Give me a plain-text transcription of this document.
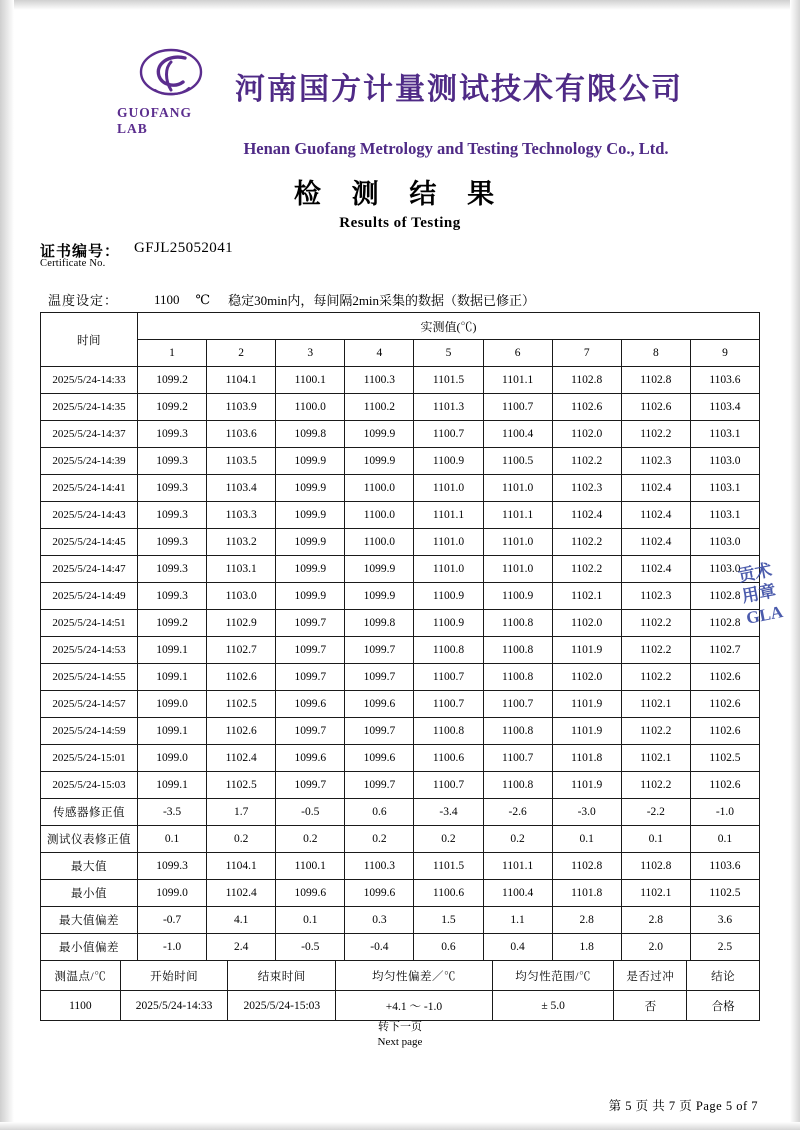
GUOFANG LAB
河南国方计量测试技术有限公司
Henan Guofang Metrology and Testing Technology Co., Ltd.
检 测 结 果
Results of Testing
证书编号：
Certificate No.
GFJL25052041
温度设定：	1100 ℃ 稳定30min内，每间隔2min采集的数据（数据已修正）
时间	实测值(℃)								
	1	2	3	4	5	6	7	8	9
2025/5/24-14:33	1099.2	1104.1	1100.1	1100.3	1101.5	1101.1	1102.8	1102.8	1103.6
2025/5/24-14:35	1099.2	1103.9	1100.0	1100.2	1101.3	1100.7	1102.6	1102.6	1103.4
2025/5/24-14:37	1099.3	1103.6	1099.8	1099.9	1100.7	1100.4	1102.0	1102.2	1103.1
2025/5/24-14:39	1099.3	1103.5	1099.9	1099.9	1100.9	1100.5	1102.2	1102.3	1103.0
2025/5/24-14:41	1099.3	1103.4	1099.9	1100.0	1101.0	1101.0	1102.3	1102.4	1103.1
2025/5/24-14:43	1099.3	1103.3	1099.9	1100.0	1101.1	1101.1	1102.4	1102.4	1103.1
2025/5/24-14:45	1099.3	1103.2	1099.9	1100.0	1101.0	1101.0	1102.2	1102.4	1103.0
2025/5/24-14:47	1099.3	1103.1	1099.9	1099.9	1101.0	1101.0	1102.2	1102.4	1103.0
2025/5/24-14:49	1099.3	1103.0	1099.9	1099.9	1100.9	1100.9	1102.1	1102.3	1102.8
2025/5/24-14:51	1099.2	1102.9	1099.7	1099.8	1100.9	1100.8	1102.0	1102.2	1102.8
2025/5/24-14:53	1099.1	1102.7	1099.7	1099.7	1100.8	1100.8	1101.9	1102.2	1102.7
2025/5/24-14:55	1099.1	1102.6	1099.7	1099.7	1100.7	1100.8	1102.0	1102.2	1102.6
2025/5/24-14:57	1099.0	1102.5	1099.6	1099.6	1100.7	1100.7	1101.9	1102.1	1102.6
2025/5/24-14:59	1099.1	1102.6	1099.7	1099.7	1100.8	1100.8	1101.9	1102.2	1102.6
2025/5/24-15:01	1099.0	1102.4	1099.6	1099.6	1100.6	1100.7	1101.8	1102.1	1102.5
2025/5/24-15:03	1099.1	1102.5	1099.7	1099.7	1100.7	1100.8	1101.9	1102.2	1102.6
传感器修正值	-3.5	1.7	-0.5	0.6	-3.4	-2.6	-3.0	-2.2	-1.0
测试仪表修正值	0.1	0.2	0.2	0.2	0.2	0.2	0.1	0.1	0.1
最大值	1099.3	1104.1	1100.1	1100.3	1101.5	1101.1	1102.8	1102.8	1103.6
最小值	1099.0	1102.4	1099.6	1099.6	1100.6	1100.4	1101.8	1102.1	1102.5
最大值偏差	-0.7	4.1	0.1	0.3	1.5	1.1	2.8	2.8	3.6
最小值偏差	-1.0	2.4	-0.5	-0.4	0.6	0.4	1.8	2.0	2.5
测温点/℃	开始时间	结束时间	均匀性偏差／℃	均匀性范围/℃	是否过冲	结论
1100	2025/5/24-14:33	2025/5/24-15:03	+4.1 ～ -1.0	± 5.0	否	合格
转下一页
Next page
第 5 页 共 7 页 Page 5 of 7
贡术
用章
GLA
